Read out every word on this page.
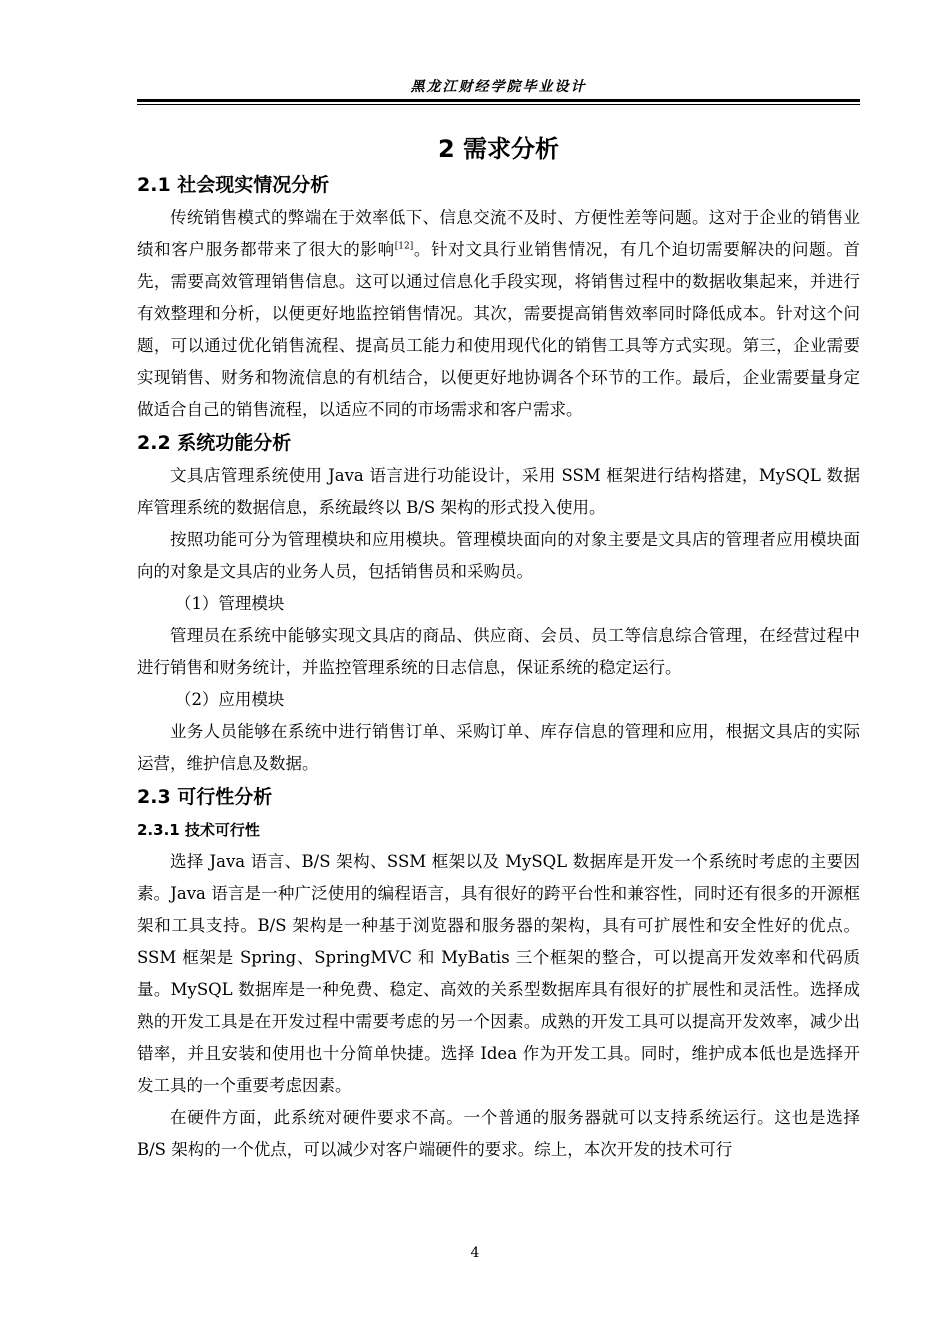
黑龙江财经学院毕业设计
2 需求分析
2.1 社会现实情况分析

传统销售模式的弊端在于效率低下、信息交流不及时、方便性差等问题。这对于企业的销售业绩和客户服务都带来了很大的影响[12]。针对文具行业销售情况，有几个迫切需要解决的问题。首先，需要高效管理销售信息。这可以通过信息化手段实现，将销售过程中的数据收集起来，并进行有效整理和分析，以便更好地监控销售情况。其次，需要提高销售效率同时降低成本。针对这个问题，可以通过优化销售流程、提高员工能力和使用现代化的销售工具等方式实现。第三，企业需要实现销售、财务和物流信息的有机结合，以便更好地协调各个环节的工作。最后，企业需要量身定做适合自己的销售流程，以适应不同的市场需求和客户需求。

2.2 系统功能分析

文具店管理系统使用 Java 语言进行功能设计，采用 SSM 框架进行结构搭建，MySQL 数据库管理系统的数据信息，系统最终以 B/S 架构的形式投入使用。

按照功能可分为管理模块和应用模块。管理模块面向的对象主要是文具店的管理者应用模块面向的对象是文具店的业务人员，包括销售员和采购员。

（1）管理模块

管理员在系统中能够实现文具店的商品、供应商、会员、员工等信息综合管理，在经营过程中进行销售和财务统计，并监控管理系统的日志信息，保证系统的稳定运行。

（2）应用模块

业务人员能够在系统中进行销售订单、采购订单、库存信息的管理和应用，根据文具店的实际运营，维护信息及数据。

2.3 可行性分析
2.3.1 技术可行性

选择 Java 语言、B/S 架构、SSM 框架以及 MySQL 数据库是开发一个系统时考虑的主要因素。Java 语言是一种广泛使用的编程语言，具有很好的跨平台性和兼容性，同时还有很多的开源框架和工具支持。B/S 架构是一种基于浏览器和服务器的架构，具有可扩展性和安全性好的优点。SSM 框架是 Spring、SpringMVC 和 MyBatis 三个框架的整合，可以提高开发效率和代码质量。MySQL 数据库是一种免费、稳定、高效的关系型数据库具有很好的扩展性和灵活性。选择成熟的开发工具是在开发过程中需要考虑的另一个因素。成熟的开发工具可以提高开发效率，减少出错率，并且安装和使用也十分简单快捷。选择 Idea 作为开发工具。同时，维护成本低也是选择开发工具的一个重要考虑因素。

在硬件方面，此系统对硬件要求不高。一个普通的服务器就可以支持系统运行。这也是选择 B/S 架构的一个优点，可以减少对客户端硬件的要求。综上，本次开发的技术可行

4
